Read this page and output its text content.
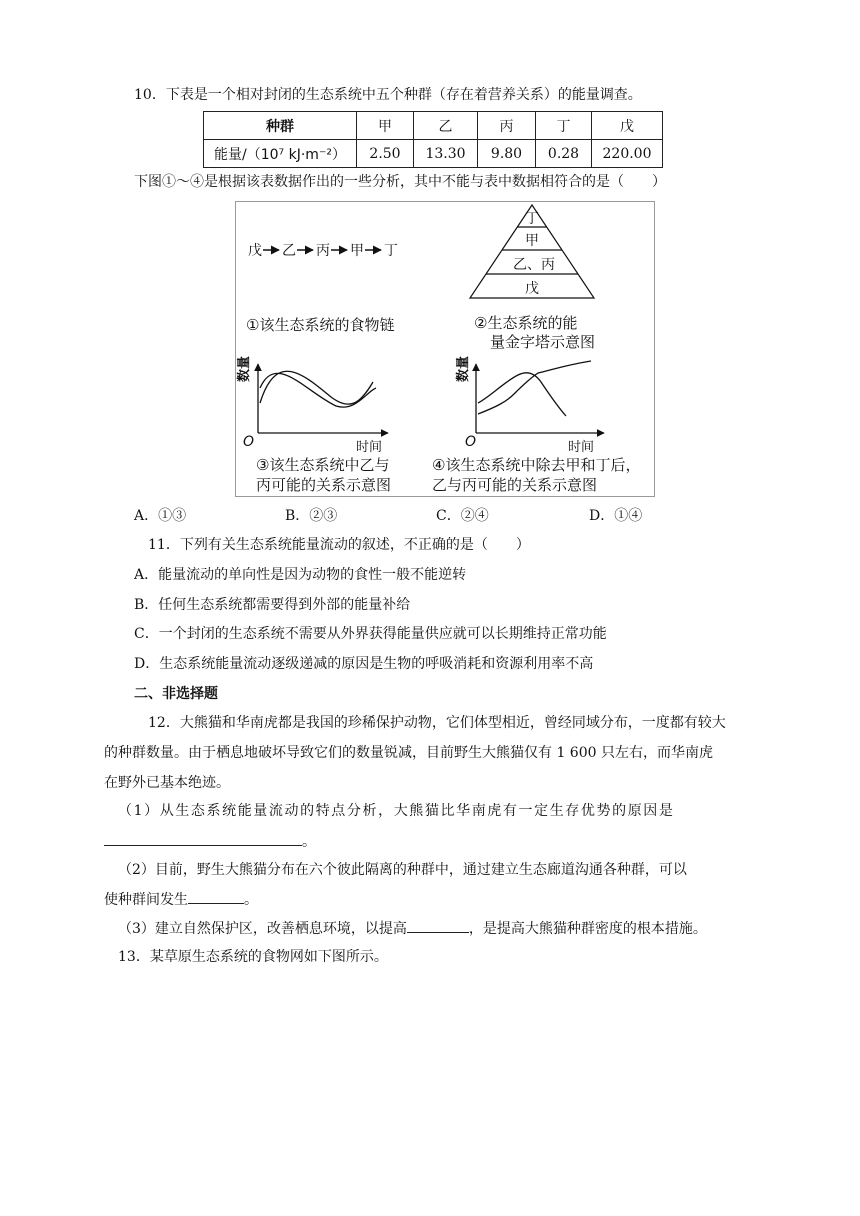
10．下表是一个相对封闭的生态系统中五个种群（存在着营养关系）的能量调查。
种群	甲	乙	丙	丁	戊
能量/（10⁷ kJ·m⁻²）	2.50	13.30	9.80	0.28	220.00
下图①～④是根据该表数据作出的一些分析，其中不能与表中数据相符合的是（　　）
戊 乙 丙 甲 丁
①该生态系统的食物链
丁
甲
乙、丙
戊
②生态系统的能
量金字塔示意图
数量
O	时间
③该生态系统中乙与
丙可能的关系示意图
数量
O	时间
④该生态系统中除去甲和丁后，
乙与丙可能的关系示意图
A．①③	B．②③	C．②④	D．①④
11．下列有关生态系统能量流动的叙述，不正确的是（　　）
A．能量流动的单向性是因为动物的食性一般不能逆转
B．任何生态系统都需要得到外部的能量补给
C．一个封闭的生态系统不需要从外界获得能量供应就可以长期维持正常功能
D．生态系统能量流动逐级递减的原因是生物的呼吸消耗和资源利用率不高
二、非选择题
12．大熊猫和华南虎都是我国的珍稀保护动物，它们体型相近，曾经同域分布，一度都有较大
的种群数量。由于栖息地破坏导致它们的数量锐减，目前野生大熊猫仅有 1 600 只左右，而华南虎
在野外已基本绝迹。
（1）从生态系统能量流动的特点分析，大熊猫比华南虎有一定生存优势的原因是
。
（2）目前，野生大熊猫分布在六个彼此隔离的种群中，通过建立生态廊道沟通各种群，可以
使种群间发生	。
（3）建立自然保护区，改善栖息环境，以提高	，是提高大熊猫种群密度的根本措施。
13．某草原生态系统的食物网如下图所示。
